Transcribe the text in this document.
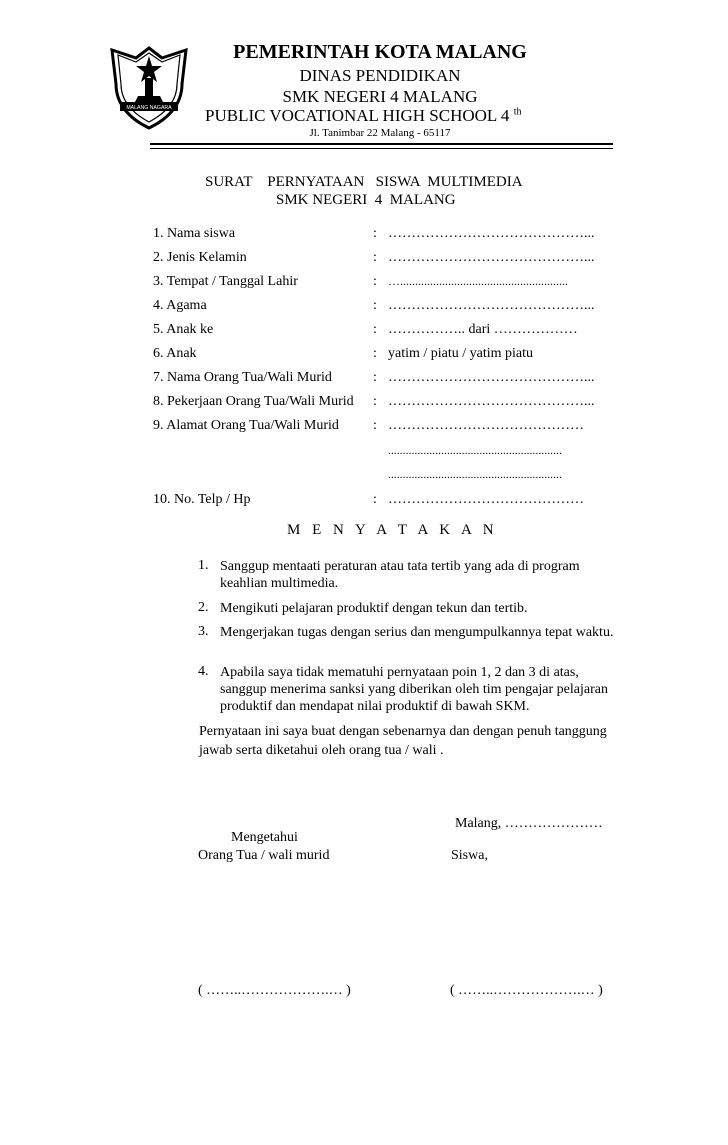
MALANG NAGARA
PEMERINTAH KOTA MALANG
DINAS PENDIDIKAN
SMK NEGERI 4 MALANG
PUBLIC VOCATIONAL HIGH SCHOOL 4 $^{th}$
Jl. Tanimbar 22 Malang - 65117
SURAT    PERNYATAAN   SISWA  MULTIMEDIA
SMK NEGERI  4  MALANG
1. Nama siswa	: ……………………………………...
2. Jenis Kelamin	: ……………………………………...
3. Tempat / Tanggal Lahir	: …........................................................
4. Agama	: ……………………………………...
5. Anak ke	: …………….. dari ………………
6. Anak	: yatim / piatu / yatim piatu
7. Nama Orang Tua/Wali Murid	: ……………………………………...
8. Pekerjaan Orang Tua/Wali Murid : ……………………………………...
9. Alamat Orang Tua/Wali Murid : ……………………………………
...........................................................
...........................................................
10. No. Telp / Hp	: ……………………………………
M E N Y A T A K A N
1. Sanggup mentaati peraturan atau tata tertib yang ada di program keahlian multimedia.
2. Mengikuti pelajaran produktif dengan tekun dan tertib.
3. Mengerjakan tugas dengan serius dan mengumpulkannya tepat waktu.
4. Apabila saya tidak mematuhi pernyataan poin 1, 2 dan 3 di atas, sanggup menerima sanksi yang diberikan oleh tim pengajar pelajaran produktif dan mendapat nilai produktif di bawah SKM.
Pernyataan ini saya buat dengan sebenarnya dan dengan penuh tanggung jawab serta diketahui oleh orang tua / wali .
Malang, …………………
Mengetahui
Orang Tua / wali murid	Siswa,
( ……..……………….… )	( ……..……………….… )
